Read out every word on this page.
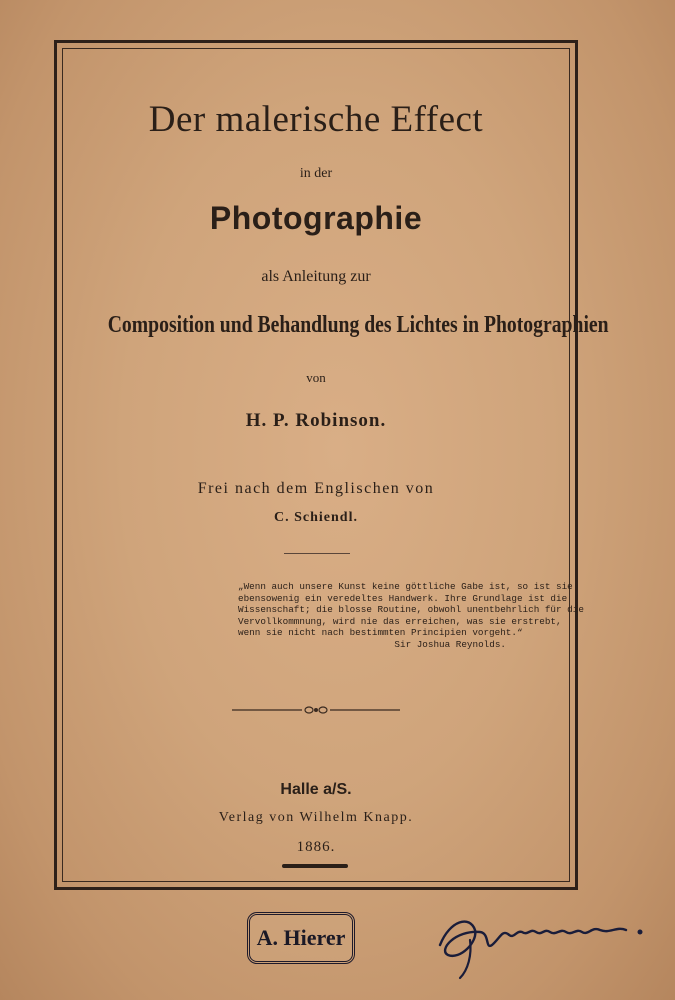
Der malerische Effect
in der
Photographie
als Anleitung zur
Composition und Behandlung des Lichtes in Photographien
von
H. P. Robinson.
Frei nach dem Englischen von
C. Schiendl.
„Wenn auch unsere Kunst keine göttliche Gabe ist, so ist sie
ebensowenig ein veredeltes Handwerk. Ihre Grundlage ist die
Wissenschaft; die blosse Routine, obwohl unentbehrlich für die
Vervollkommnung, wird nie das erreichen, was sie erstrebt,
wenn sie nicht nach bestimmten Principien vorgeht.“

Sir Joshua Reynolds.
Halle a/S.
Verlag von Wilhelm Knapp.
1886.
A. Hierer
